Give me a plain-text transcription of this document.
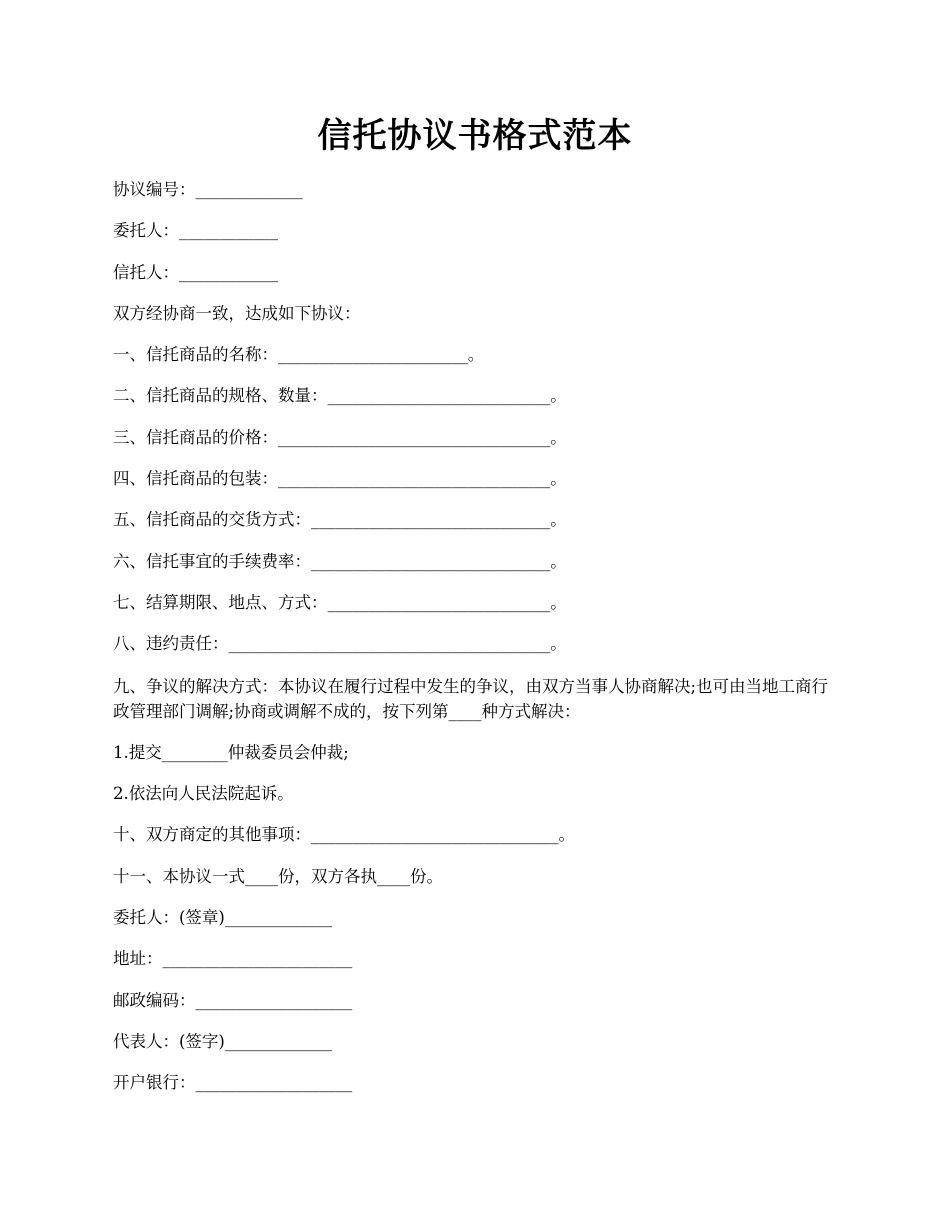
信托协议书格式范本

协议编号：_____________

委托人：____________

信托人：____________

双方经协商一致，达成如下协议：

一、信托商品的名称：_______________________。

二、信托商品的规格、数量：___________________________。

三、信托商品的价格：_________________________________。

四、信托商品的包装：_________________________________。

五、信托商品的交货方式：_____________________________。

六、信托事宜的手续费率：_____________________________。

七、结算期限、地点、方式：___________________________。

八、违约责任：_______________________________________。

九、争议的解决方式：本协议在履行过程中发生的争议，由双方当事人协商解决;也可由当地工商行政管理部门调解;协商或调解不成的，按下列第____种方式解决：

1.提交________仲裁委员会仲裁;

2.依法向人民法院起诉。

十、双方商定的其他事项：______________________________。

十一、本协议一式____份，双方各执____份。

委托人：(签章)_____________

地址：_______________________

邮政编码：___________________

代表人：(签字)_____________

开户银行：___________________
